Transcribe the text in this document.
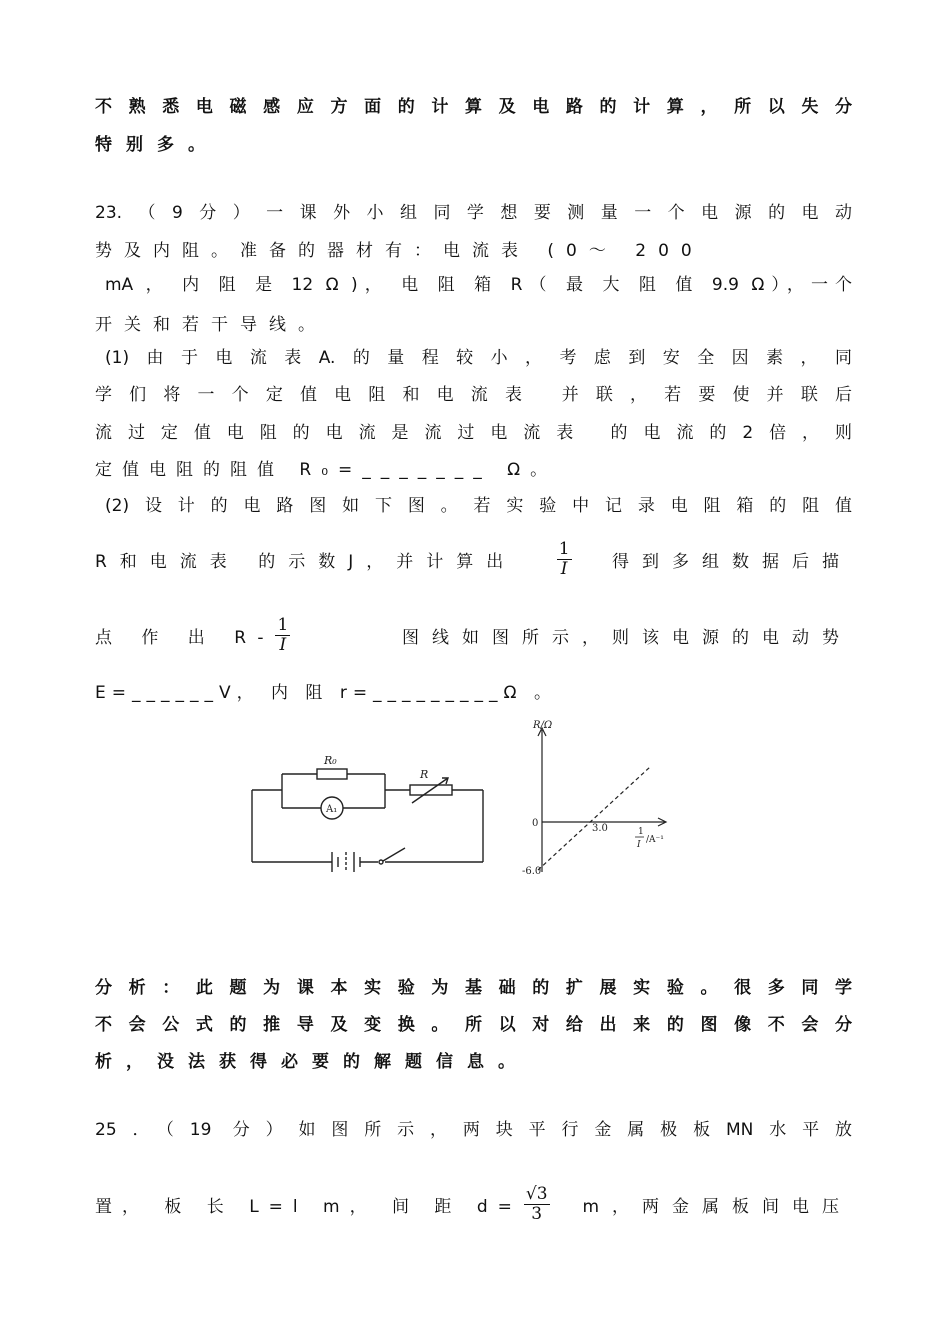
不熟悉电磁感应方面的计算及电路的计算，所以失分
特别多。
23.（9分）一课外小组同学想要测量一个电源的电动
势及内阻。准备的器材有：电流表 (0～ 200
mA ， 内 阻 是 12 Ω )， 电 阻 箱 R（ 最 大 阻 值 9.9 Ω），一个
开关和若干导线。
(1)由于电流表A.的量程较小，考虑到安全因素，同
学们将一个定值电阻和电流表 并联，若要使并联后
流过定值电阻的电流是流过电流表 的电流的2倍，则
定值电阻的阻值 R₀=_______ Ω。
(2)设计的电路图如下图。若实验中记录电阻箱的阻值
R和电流表 的示数J，并计算出 $\frac{1}{I}$ 得到多组数据后描
点 作 出 $R- \frac{1}{I}$	图线如图所示，则该电源的电动势
E=______V， 内 阻 r=_________Ω 。
R₀
R
A₁
R/Ω
0	3.0
-6.0
1
I /A⁻¹
分析：此题为课本实验为基础的扩展实验。很多同学
不会公式的推导及变换。所以对给出来的图像不会分
析，没法获得必要的解题信息。
25．（19 分）如图所示，两块平行金属极板MN水平放
置， 板 长 L=l m， 间 距 $d= \frac{√3}{3}$ m，两金属板间电压
